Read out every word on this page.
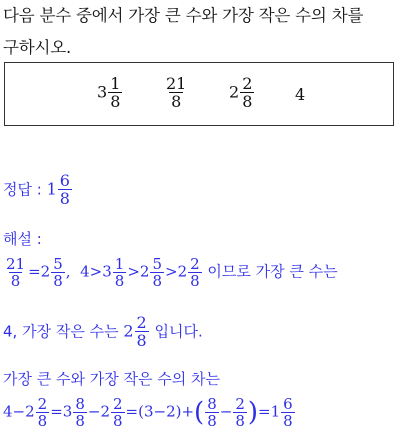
다음 분수 중에서 가장 큰 수와 가장 작은 수의 차를
구하시오.
$3 \frac{1}{8}$	$\frac{21}{8}$	$2 \frac{2}{8}$	4
정답 : $1 \frac{6}{8}$
해설 :
$\frac{21}{8} =2 \frac{5}{8}$ , $4>3 \frac{1}{8} >2 \frac{5}{8} >2 \frac{2}{8}$ 이므로 가장 큰 수는
4, 가장 작은 수는 $2 \frac{2}{8}$ 입니다.
가장 큰 수와 가장 작은 수의 차는
$4-2 \frac{2}{8} =3 \frac{8}{8} -2 \frac{2}{8} =(3-2)+( \frac{8}{8} - \frac{2}{8} )=1 \frac{6}{8}$
